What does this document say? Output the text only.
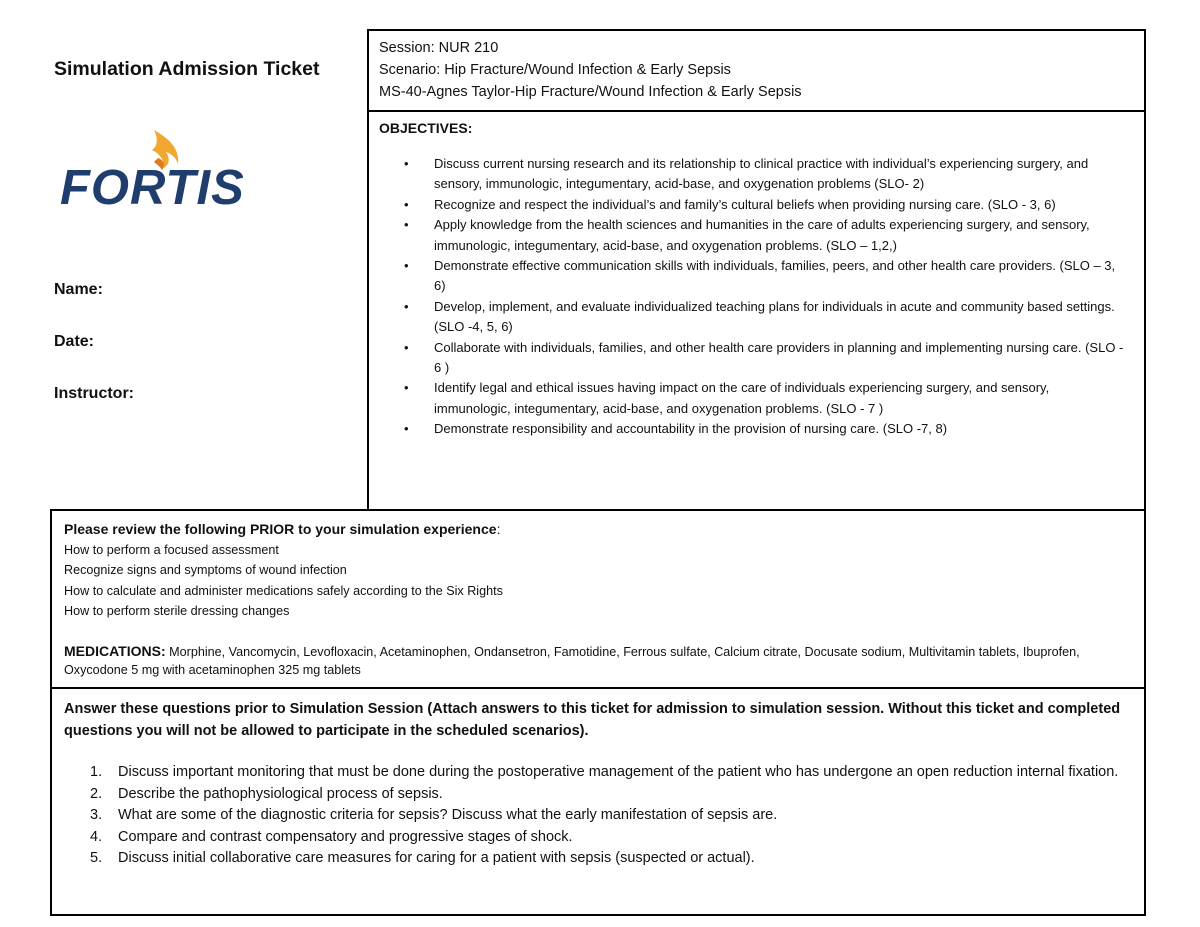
Simulation Admission Ticket
FORTIS
Name:
Date:
Instructor:
Session: NUR 210
Scenario: Hip Fracture/Wound Infection & Early Sepsis
MS-40-Agnes Taylor-Hip Fracture/Wound Infection & Early Sepsis
OBJECTIVES:
• Discuss current nursing research and its relationship to clinical practice with individual’s experiencing surgery, and sensory, immunologic, integumentary, acid-base, and oxygenation problems (SLO- 2)
• Recognize and respect the individual’s and family’s cultural beliefs when providing nursing care. (SLO - 3, 6)
• Apply knowledge from the health sciences and humanities in the care of adults experiencing surgery, and sensory, immunologic, integumentary, acid-base, and oxygenation problems. (SLO – 1,2,)
• Demonstrate effective communication skills with individuals, families, peers, and other health care providers. (SLO – 3, 6)
• Develop, implement, and evaluate individualized teaching plans for individuals in acute and community based settings. (SLO -4, 5, 6)
• Collaborate with individuals, families, and other health care providers in planning and implementing nursing care. (SLO - 6 )
• Identify legal and ethical issues having impact on the care of individuals experiencing surgery, and sensory, immunologic, integumentary, acid-base, and oxygenation problems. (SLO - 7 )
• Demonstrate responsibility and accountability in the provision of nursing care. (SLO -7, 8)
Please review the following PRIOR to your simulation experience:
How to perform a focused assessment
Recognize signs and symptoms of wound infection
How to calculate and administer medications safely according to the Six Rights
How to perform sterile dressing changes
MEDICATIONS: Morphine, Vancomycin, Levofloxacin, Acetaminophen, Ondansetron, Famotidine, Ferrous sulfate, Calcium citrate, Docusate sodium, Multivitamin tablets, Ibuprofen, Oxycodone 5 mg with acetaminophen 325 mg tablets
Answer these questions prior to Simulation Session (Attach answers to this ticket for admission to simulation session. Without this ticket and completed questions you will not be allowed to participate in the scheduled scenarios).
1. Discuss important monitoring that must be done during the postoperative management of the patient who has undergone an open reduction internal fixation.
2. Describe the pathophysiological process of sepsis.
3. What are some of the diagnostic criteria for sepsis? Discuss what the early manifestation of sepsis are.
4. Compare and contrast compensatory and progressive stages of shock.
5. Discuss initial collaborative care measures for caring for a patient with sepsis (suspected or actual).
